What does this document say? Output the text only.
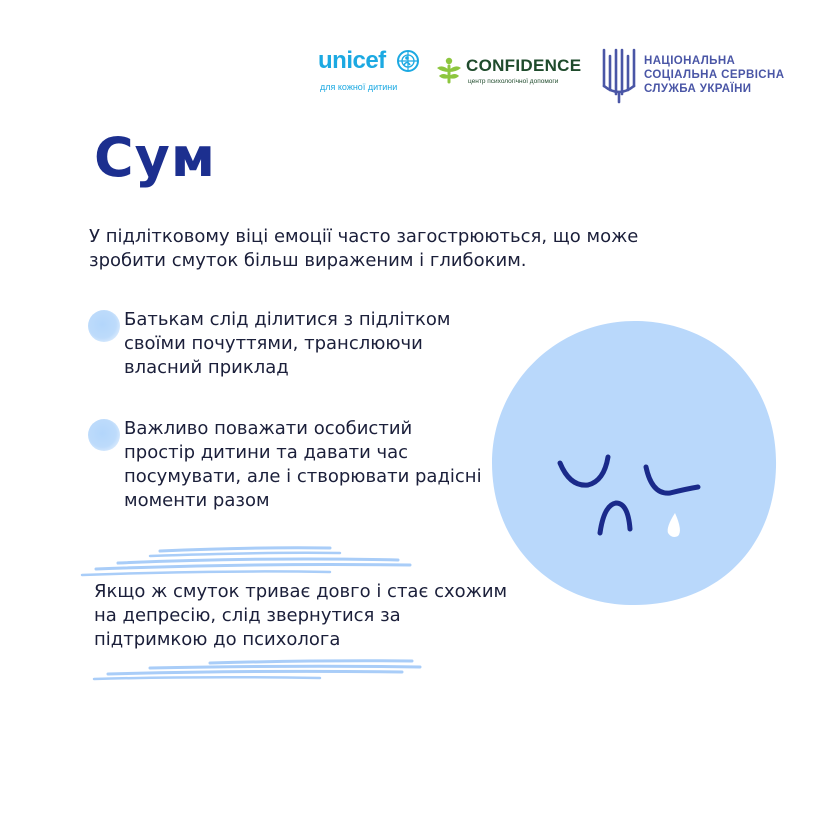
unicef
для кожної дитини
CONFIDENCE
центр психологічної допомоги
НАЦІОНАЛЬНА
СОЦІАЛЬНА СЕРВІСНА
СЛУЖБА УКРАЇНИ
Сум

У підлітковому віці емоції часто загострюються, що може зробити смуток більш вираженим і глибоким.

Батькам слід ділитися з підлітком своїми почуттями, транслюючи власний приклад
Важливо поважати особистий простір дитини та давати час посумувати, але і створювати радісні моменти разом

Якщо ж смуток триває довго і стає схожим на депресію, слід звернутися за підтримкою до психолога
